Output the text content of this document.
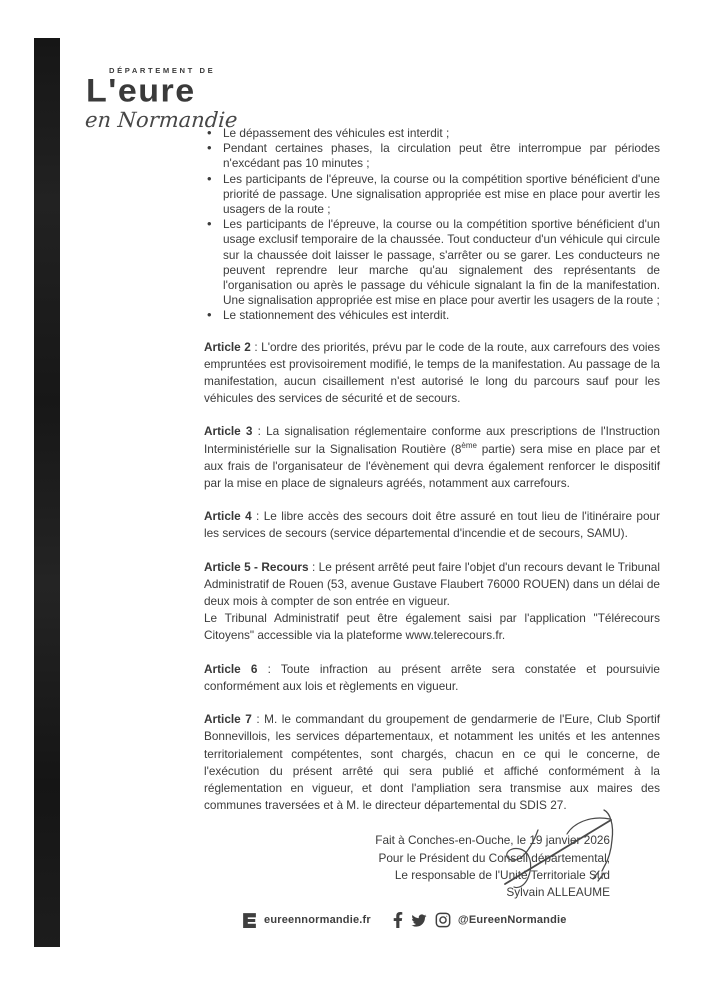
DÉPARTEMENT DE
L'eure
en Normandie
• Le dépassement des véhicules est interdit ;
• Pendant certaines phases, la circulation peut être interrompue par périodes n'excédant pas 10 minutes ;
• Les participants de l'épreuve, la course ou la compétition sportive bénéficient d'une priorité de passage. Une signalisation appropriée est mise en place pour avertir les usagers de la route ;
• Les participants de l'épreuve, la course ou la compétition sportive bénéficient d'un usage exclusif temporaire de la chaussée. Tout conducteur d'un véhicule qui circule sur la chaussée doit laisser le passage, s'arrêter ou se garer. Les conducteurs ne peuvent reprendre leur marche qu'au signalement des représentants de l'organisation ou après le passage du véhicule signalant la fin de la manifestation. Une signalisation appropriée est mise en place pour avertir les usagers de la route ;
• Le stationnement des véhicules est interdit.

Article 2 : L'ordre des priorités, prévu par le code de la route, aux carrefours des voies empruntées est provisoirement modifié, le temps de la manifestation. Au passage de la manifestation, aucun cisaillement n'est autorisé le long du parcours sauf pour les véhicules des services de sécurité et de secours.

Article 3 : La signalisation réglementaire conforme aux prescriptions de l'Instruction Interministérielle sur la Signalisation Routière (8ème partie) sera mise en place par et aux frais de l'organisateur de l'évènement qui devra également renforcer le dispositif par la mise en place de signaleurs agréés, notamment aux carrefours.

Article 4 : Le libre accès des secours doit être assuré en tout lieu de l'itinéraire pour les services de secours (service départemental d'incendie et de secours, SAMU).

Article 5 - Recours : Le présent arrêté peut faire l'objet d'un recours devant le Tribunal Administratif de Rouen (53, avenue Gustave Flaubert 76000 ROUEN) dans un délai de deux mois à compter de son entrée en vigueur.
Le Tribunal Administratif peut être également saisi par l'application "Télérecours Citoyens" accessible via la plateforme www.telerecours.fr.

Article 6 : Toute infraction au présent arrête sera constatée et poursuivie conformément aux lois et règlements en vigueur.

Article 7 : M. le commandant du groupement de gendarmerie de l'Eure, Club Sportif Bonnevillois, les services départementaux, et notamment les unités et les antennes territorialement compétentes, sont chargés, chacun en ce qui le concerne, de l'exécution du présent arrêté qui sera publié et affiché conformément à la réglementation en vigueur, et dont l'ampliation sera transmise aux maires des communes traversées et à M. le directeur départemental du SDIS 27.

Fait à Conches-en-Ouche, le 19 janvier 2026
Pour le Président du Conseil départemental,
Le responsable de l'Unité Territoriale Sud
Sylvain ALLEAUME
eureennormandie.fr	@EureenNormandie
